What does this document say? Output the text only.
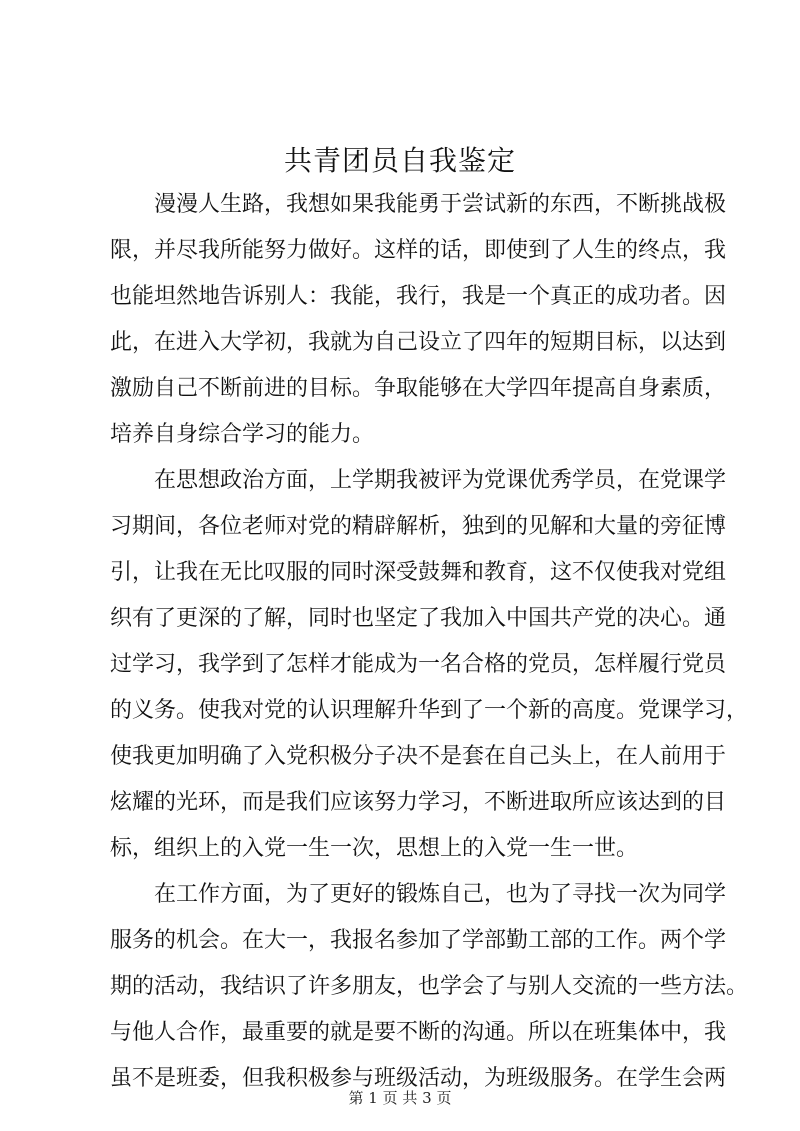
共青团员自我鉴定
漫漫人生路，我想如果我能勇于尝试新的东西，不断挑战极
限，并尽我所能努力做好。这样的话，即使到了人生的终点，我
也能坦然地告诉别人：我能，我行，我是一个真正的成功者。因
此，在进入大学初，我就为自己设立了四年的短期目标，以达到
激励自己不断前进的目标。争取能够在大学四年提高自身素质，
培养自身综合学习的能力。
在思想政治方面，上学期我被评为党课优秀学员，在党课学
习期间，各位老师对党的精辟解析，独到的见解和大量的旁征博
引，让我在无比叹服的同时深受鼓舞和教育，这不仅使我对党组
织有了更深的了解，同时也坚定了我加入中国共产党的决心。通
过学习，我学到了怎样才能成为一名合格的党员，怎样履行党员
的义务。使我对党的认识理解升华到了一个新的高度。党课学习，
使我更加明确了入党积极分子决不是套在自己头上，在人前用于
炫耀的光环，而是我们应该努力学习，不断进取所应该达到的目
标，组织上的入党一生一次，思想上的入党一生一世。
在工作方面，为了更好的锻炼自己，也为了寻找一次为同学
服务的机会。在大一，我报名参加了学部勤工部的工作。两个学
期的活动，我结识了许多朋友，也学会了与别人交流的一些方法。
与他人合作，最重要的就是要不断的沟通。所以在班集体中，我
虽不是班委，但我积极参与班级活动，为班级服务。在学生会两
第 1 页 共 3 页
